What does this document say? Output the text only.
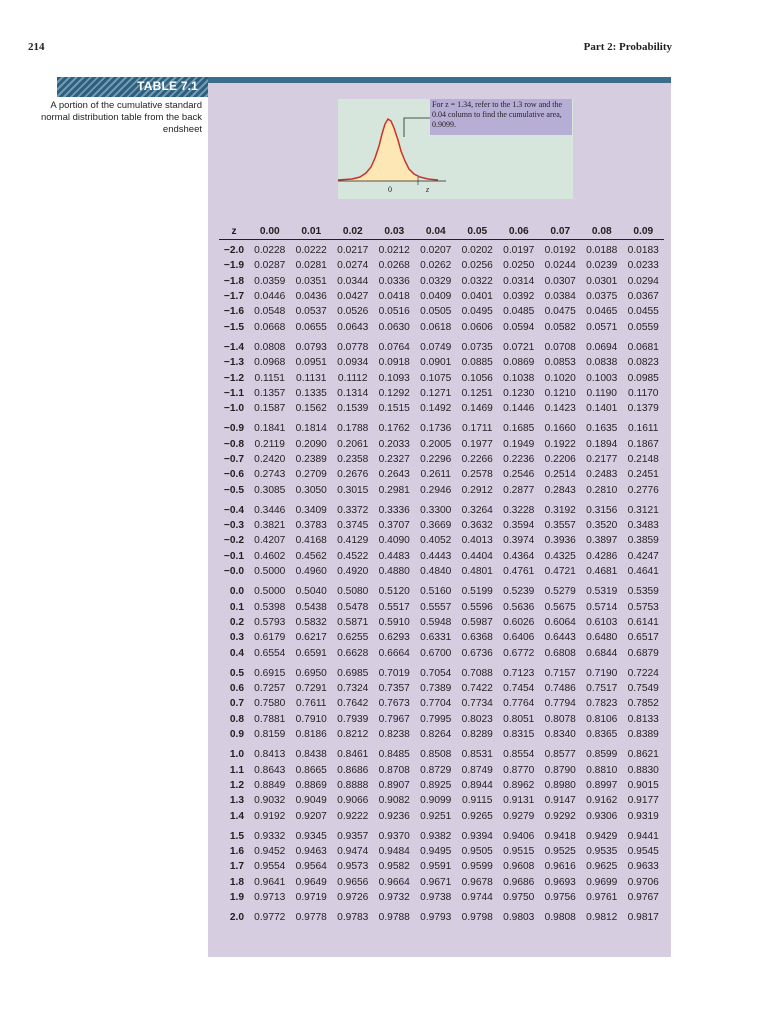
214	Part 2: Probability
TABLE 7.1
A portion of the cumulative standard normal distribution table from the back endsheet
For z = 1.34, refer to the 1.3 row and the 0.04 column to find the cumulative area, 0.9099.
0	z
z	0.00	0.01	0.02	0.03	0.04	0.05	0.06	0.07	0.08	0.09
−2.0	0.0228	0.0222	0.0217	0.0212	0.0207	0.0202	0.0197	0.0192	0.0188	0.0183
−1.9	0.0287	0.0281	0.0274	0.0268	0.0262	0.0256	0.0250	0.0244	0.0239	0.0233
−1.8	0.0359	0.0351	0.0344	0.0336	0.0329	0.0322	0.0314	0.0307	0.0301	0.0294
−1.7	0.0446	0.0436	0.0427	0.0418	0.0409	0.0401	0.0392	0.0384	0.0375	0.0367
−1.6	0.0548	0.0537	0.0526	0.0516	0.0505	0.0495	0.0485	0.0475	0.0465	0.0455
−1.5	0.0668	0.0655	0.0643	0.0630	0.0618	0.0606	0.0594	0.0582	0.0571	0.0559
−1.4	0.0808	0.0793	0.0778	0.0764	0.0749	0.0735	0.0721	0.0708	0.0694	0.0681
−1.3	0.0968	0.0951	0.0934	0.0918	0.0901	0.0885	0.0869	0.0853	0.0838	0.0823
−1.2	0.1151	0.1131	0.1112	0.1093	0.1075	0.1056	0.1038	0.1020	0.1003	0.0985
−1.1	0.1357	0.1335	0.1314	0.1292	0.1271	0.1251	0.1230	0.1210	0.1190	0.1170
−1.0	0.1587	0.1562	0.1539	0.1515	0.1492	0.1469	0.1446	0.1423	0.1401	0.1379
−0.9	0.1841	0.1814	0.1788	0.1762	0.1736	0.1711	0.1685	0.1660	0.1635	0.1611
−0.8	0.2119	0.2090	0.2061	0.2033	0.2005	0.1977	0.1949	0.1922	0.1894	0.1867
−0.7	0.2420	0.2389	0.2358	0.2327	0.2296	0.2266	0.2236	0.2206	0.2177	0.2148
−0.6	0.2743	0.2709	0.2676	0.2643	0.2611	0.2578	0.2546	0.2514	0.2483	0.2451
−0.5	0.3085	0.3050	0.3015	0.2981	0.2946	0.2912	0.2877	0.2843	0.2810	0.2776
−0.4	0.3446	0.3409	0.3372	0.3336	0.3300	0.3264	0.3228	0.3192	0.3156	0.3121
−0.3	0.3821	0.3783	0.3745	0.3707	0.3669	0.3632	0.3594	0.3557	0.3520	0.3483
−0.2	0.4207	0.4168	0.4129	0.4090	0.4052	0.4013	0.3974	0.3936	0.3897	0.3859
−0.1	0.4602	0.4562	0.4522	0.4483	0.4443	0.4404	0.4364	0.4325	0.4286	0.4247
−0.0	0.5000	0.4960	0.4920	0.4880	0.4840	0.4801	0.4761	0.4721	0.4681	0.4641
0.0	0.5000	0.5040	0.5080	0.5120	0.5160	0.5199	0.5239	0.5279	0.5319	0.5359
0.1	0.5398	0.5438	0.5478	0.5517	0.5557	0.5596	0.5636	0.5675	0.5714	0.5753
0.2	0.5793	0.5832	0.5871	0.5910	0.5948	0.5987	0.6026	0.6064	0.6103	0.6141
0.3	0.6179	0.6217	0.6255	0.6293	0.6331	0.6368	0.6406	0.6443	0.6480	0.6517
0.4	0.6554	0.6591	0.6628	0.6664	0.6700	0.6736	0.6772	0.6808	0.6844	0.6879
0.5	0.6915	0.6950	0.6985	0.7019	0.7054	0.7088	0.7123	0.7157	0.7190	0.7224
0.6	0.7257	0.7291	0.7324	0.7357	0.7389	0.7422	0.7454	0.7486	0.7517	0.7549
0.7	0.7580	0.7611	0.7642	0.7673	0.7704	0.7734	0.7764	0.7794	0.7823	0.7852
0.8	0.7881	0.7910	0.7939	0.7967	0.7995	0.8023	0.8051	0.8078	0.8106	0.8133
0.9	0.8159	0.8186	0.8212	0.8238	0.8264	0.8289	0.8315	0.8340	0.8365	0.8389
1.0	0.8413	0.8438	0.8461	0.8485	0.8508	0.8531	0.8554	0.8577	0.8599	0.8621
1.1	0.8643	0.8665	0.8686	0.8708	0.8729	0.8749	0.8770	0.8790	0.8810	0.8830
1.2	0.8849	0.8869	0.8888	0.8907	0.8925	0.8944	0.8962	0.8980	0.8997	0.9015
1.3	0.9032	0.9049	0.9066	0.9082	0.9099	0.9115	0.9131	0.9147	0.9162	0.9177
1.4	0.9192	0.9207	0.9222	0.9236	0.9251	0.9265	0.9279	0.9292	0.9306	0.9319
1.5	0.9332	0.9345	0.9357	0.9370	0.9382	0.9394	0.9406	0.9418	0.9429	0.9441
1.6	0.9452	0.9463	0.9474	0.9484	0.9495	0.9505	0.9515	0.9525	0.9535	0.9545
1.7	0.9554	0.9564	0.9573	0.9582	0.9591	0.9599	0.9608	0.9616	0.9625	0.9633
1.8	0.9641	0.9649	0.9656	0.9664	0.9671	0.9678	0.9686	0.9693	0.9699	0.9706
1.9	0.9713	0.9719	0.9726	0.9732	0.9738	0.9744	0.9750	0.9756	0.9761	0.9767
2.0	0.9772	0.9778	0.9783	0.9788	0.9793	0.9798	0.9803	0.9808	0.9812	0.9817
